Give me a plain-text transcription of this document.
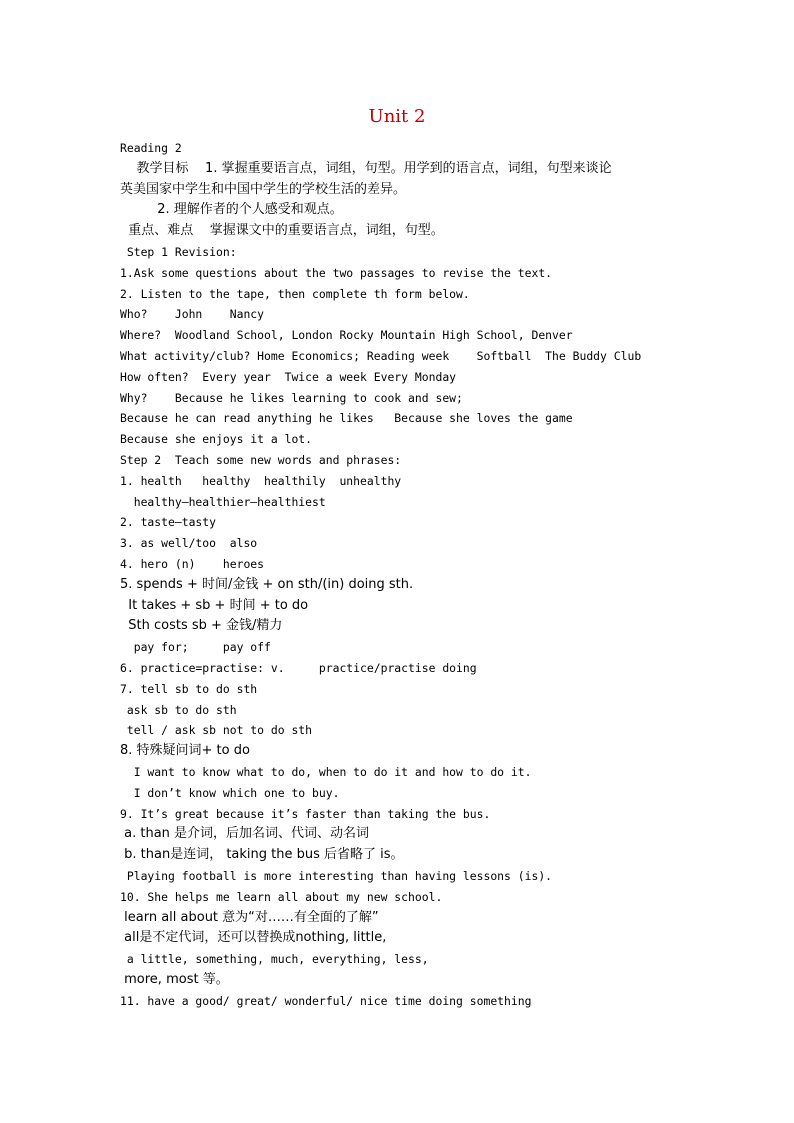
Unit 2
Reading 2
教学目标    1. 掌握重要语言点，词组，句型。用学到的语言点，词组，句型来谈论
英美国家中学生和中国中学生的学校生活的差异。
2. 理解作者的个人感受和观点。
重点、难点    掌握课文中的重要语言点，词组，句型。
Step 1 Revision:
1.Ask some questions about the two passages to revise the text.
2. Listen to the tape, then complete th form below.
Who?    John    Nancy
Where?  Woodland School, London Rocky Mountain High School, Denver
What activity/club? Home Economics; Reading week    Softball  The Buddy Club
How often?  Every year  Twice a week Every Monday
Why?    Because he likes learning to cook and sew;
Because he can read anything he likes   Because she loves the game
Because she enjoys it a lot.
Step 2  Teach some new words and phrases:
1. health   healthy  healthily  unhealthy
healthy—healthier—healthiest
2. taste—tasty
3. as well/too  also
4. hero (n)    heroes
5. spends + 时间/金钱 + on sth/(in) doing sth.
It takes + sb + 时间 + to do
Sth costs sb + 金钱/精力
pay for;     pay off
6. practice=practise: v.     practice/practise doing
7. tell sb to do sth
ask sb to do sth
tell / ask sb not to do sth
8. 特殊疑问词+ to do
I want to know what to do, when to do it and how to do it.
I don’t know which one to buy.
9. It’s great because it’s faster than taking the bus.
a. than 是介词，后加名词、代词、动名词
b. than是连词， taking the bus 后省略了 is。
Playing football is more interesting than having lessons (is).
10. She helps me learn all about my new school.
learn all about 意为“对……有全面的了解”
all是不定代词，还可以替换成nothing, little,
a little, something, much, everything, less,
more, most 等。
11. have a good/ great/ wonderful/ nice time doing something
